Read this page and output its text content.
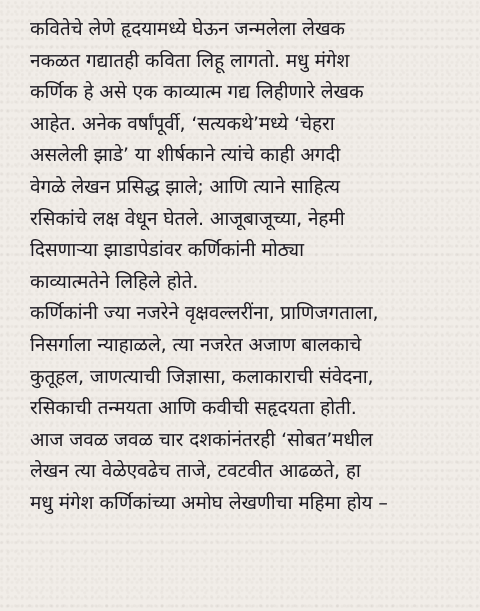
कवितेचे लेणे हृदयामध्ये घेऊन जन्मलेला लेखक
नकळत गद्यातही कविता लिहू लागतो. मधु मंगेश
कर्णिक हे असे एक काव्यात्म गद्य लिहीणारे लेखक
आहेत. अनेक वर्षांपूर्वी, ‘सत्यकथे’मध्ये ‘चेहरा
असलेली झाडे’ या शीर्षकाने त्यांचे काही अगदी
वेगळे लेखन प्रसिद्ध झाले; आणि त्याने साहित्य
रसिकांचे लक्ष वेधून घेतले. आजूबाजूच्या, नेहमी
दिसणाऱ्या झाडापेडांवर कर्णिकांनी मोठ्या
काव्यात्मतेने लिहिले होते.
कर्णिकांनी ज्या नजरेने वृक्षवल्लरींना, प्राणिजगताला,
निसर्गाला न्याहाळले, त्या नजरेत अजाण बालकाचे
कुतूहल, जाणत्याची जिज्ञासा, कलाकाराची संवेदना,
रसिकाची तन्मयता आणि कवीची सहृदयता होती.
आज जवळ जवळ चार दशकांनंतरही ‘सोबत’मधील
लेखन त्या वेळेएवढेच ताजे, टवटवीत आढळते, हा
मधु मंगेश कर्णिकांच्या अमोघ लेखणीचा महिमा होय –
